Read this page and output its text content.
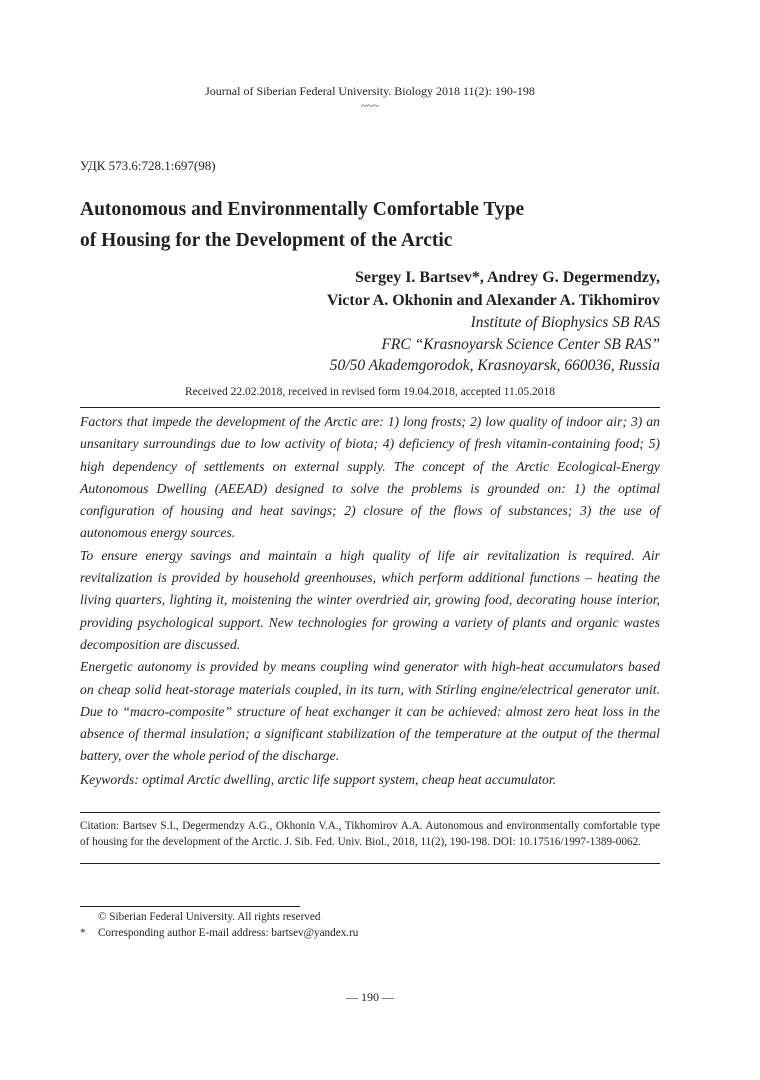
Journal of Siberian Federal University. Biology 2018 11(2): 190-198
~~~
УДК 573.6:728.1:697(98)
Autonomous and Environmentally Comfortable Type
of Housing for the Development of the Arctic
Sergey I. Bartsev*, Andrey G. Degermendzy,
Victor A. Okhonin and Alexander A. Tikhomirov
Institute of Biophysics SB RAS
FRC “Krasnoyarsk Science Center SB RAS”
50/50 Akademgorodok, Krasnoyarsk, 660036, Russia
Received 22.02.2018, received in revised form 19.04.2018, accepted 11.05.2018

Factors that impede the development of the Arctic are: 1) long frosts; 2) low quality of indoor air; 3) an unsanitary surroundings due to low activity of biota; 4) deficiency of fresh vitamin-containing food; 5) high dependency of settlements on external supply. The concept of the Arctic Ecological-Energy Autonomous Dwelling (AEEAD) designed to solve the problems is grounded on: 1) the optimal configuration of housing and heat savings; 2) closure of the flows of substances; 3) the use of autonomous energy sources.

To ensure energy savings and maintain a high quality of life air revitalization is required. Air revitalization is provided by household greenhouses, which perform additional functions – heating the living quarters, lighting it, moistening the winter overdried air, growing food, decorating house interior, providing psychological support. New technologies for growing a variety of plants and organic wastes decomposition are discussed.

Energetic autonomy is provided by means coupling wind generator with high-heat accumulators based on cheap solid heat-storage materials coupled, in its turn, with Stirling engine/electrical generator unit. Due to “macro-composite” structure of heat exchanger it can be achieved: almost zero heat loss in the absence of thermal insulation; a significant stabilization of the temperature at the output of the thermal battery, over the whole period of the discharge.

Keywords: optimal Arctic dwelling, arctic life support system, cheap heat accumulator.
Citation: Bartsev S.I., Degermendzy A.G., Okhonin V.A., Tikhomirov A.A. Autonomous and environmentally comfortable type of housing for the development of the Arctic. J. Sib. Fed. Univ. Biol., 2018, 11(2), 190-198. DOI: 10.17516/1997-1389-0062.
© Siberian Federal University. All rights reserved
* Corresponding author E-mail address: bartsev@yandex.ru
— 190 —
